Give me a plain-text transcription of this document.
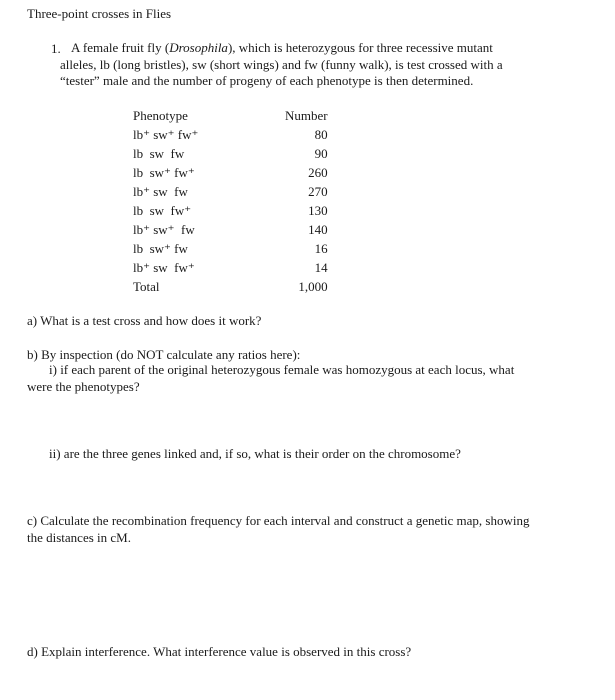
Three-point crosses in Flies
1. A female fruit fly (Drosophila), which is heterozygous for three recessive mutant
alleles, lb (long bristles), sw (short wings) and fw (funny walk), is test crossed with a
“tester” male and the number of progeny of each phenotype is then determined.
Phenotype	Number
lb⁺ sw⁺ fw⁺	80
lb  sw  fw	90
lb  sw⁺ fw⁺	260
lb⁺ sw  fw	270
lb  sw  fw⁺	130
lb⁺ sw⁺  fw	140
lb  sw⁺ fw	16
lb⁺ sw  fw⁺	14
Total	1,000
a) What is a test cross and how does it work?
b) By inspection (do NOT calculate any ratios here):
i) if each parent of the original heterozygous female was homozygous at each locus, what
were the phenotypes?
ii) are the three genes linked and, if so, what is their order on the chromosome?
c) Calculate the recombination frequency for each interval and construct a genetic map, showing
the distances in cM.
d) Explain interference. What interference value is observed in this cross?
